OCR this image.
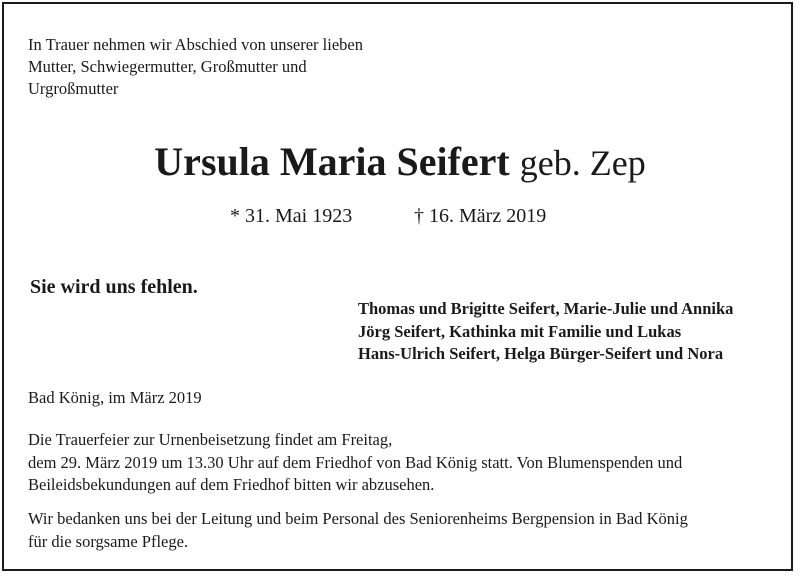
In Trauer nehmen wir Abschied von unserer lieben
Mutter, Schwiegermutter, Großmutter und
Urgroßmutter
Ursula Maria Seifert geb. Zep
* 31. Mai 1923	† 16. März 2019
Sie wird uns fehlen.
Thomas und Brigitte Seifert, Marie-Julie und Annika
Jörg Seifert, Kathinka mit Familie und Lukas
Hans-Ulrich Seifert, Helga Bürger-Seifert und Nora
Bad König, im März 2019
Die Trauerfeier zur Urnenbeisetzung findet am Freitag,
dem 29. März 2019 um 13.30 Uhr auf dem Friedhof von Bad König statt. Von Blumenspenden und
Beileidsbekundungen auf dem Friedhof bitten wir abzusehen.
Wir bedanken uns bei der Leitung und beim Personal des Seniorenheims Bergpension in Bad König
für die sorgsame Pflege.
